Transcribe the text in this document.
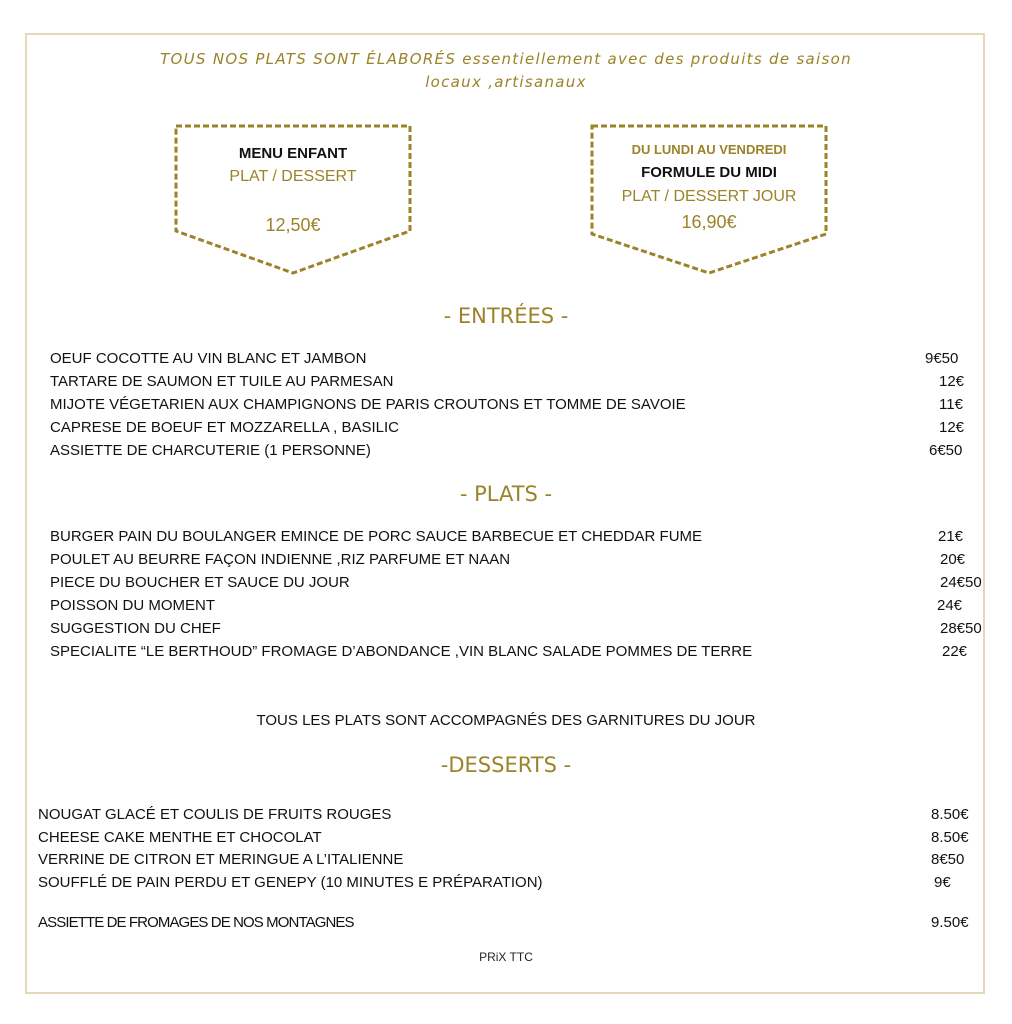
TOUS NOS PLATS SONT ÉLABORÉS essentiellement avec des produits de saison
locaux ,artisanaux
MENU ENFANT
PLAT / DESSERT
12,50€
DU LUNDI AU VENDREDI
FORMULE DU MIDI
PLAT / DESSERT JOUR
16,90€
- ENTRÉES -
OEUF COCOTTE AU VIN BLANC ET JAMBON	9€50
TARTARE DE SAUMON ET TUILE AU PARMESAN	12€
MIJOTE VÉGETARIEN AUX CHAMPIGNONS DE PARIS CROUTONS ET TOMME DE SAVOIE	11€
CAPRESE DE BOEUF ET MOZZARELLA , BASILIC	12€
ASSIETTE DE CHARCUTERIE (1 PERSONNE)	6€50
- PLATS -
BURGER PAIN DU BOULANGER EMINCE DE PORC SAUCE BARBECUE ET CHEDDAR FUME	21€
POULET AU BEURRE FAÇON INDIENNE ,RIZ PARFUME ET NAAN	20€
PIECE DU BOUCHER ET SAUCE DU JOUR	24€50
POISSON DU MOMENT	24€
SUGGESTION DU CHEF	28€50
SPECIALITE “LE BERTHOUD” FROMAGE D’ABONDANCE ,VIN BLANC SALADE POMMES DE TERRE	22€
TOUS LES PLATS SONT ACCOMPAGNÉS DES GARNITURES DU JOUR
-DESSERTS -
NOUGAT GLACÉ ET COULIS DE FRUITS ROUGES	8.50€
CHEESE CAKE MENTHE ET CHOCOLAT	8.50€
VERRINE DE CITRON ET MERINGUE A L’ITALIENNE	8€50
SOUFFLÉ DE PAIN PERDU ET GENEPY (10 MINUTES E PRÉPARATION)	9€
ASSIETTE DE FROMAGES DE NOS MONTAGNES	9.50€
PRiX TTC
